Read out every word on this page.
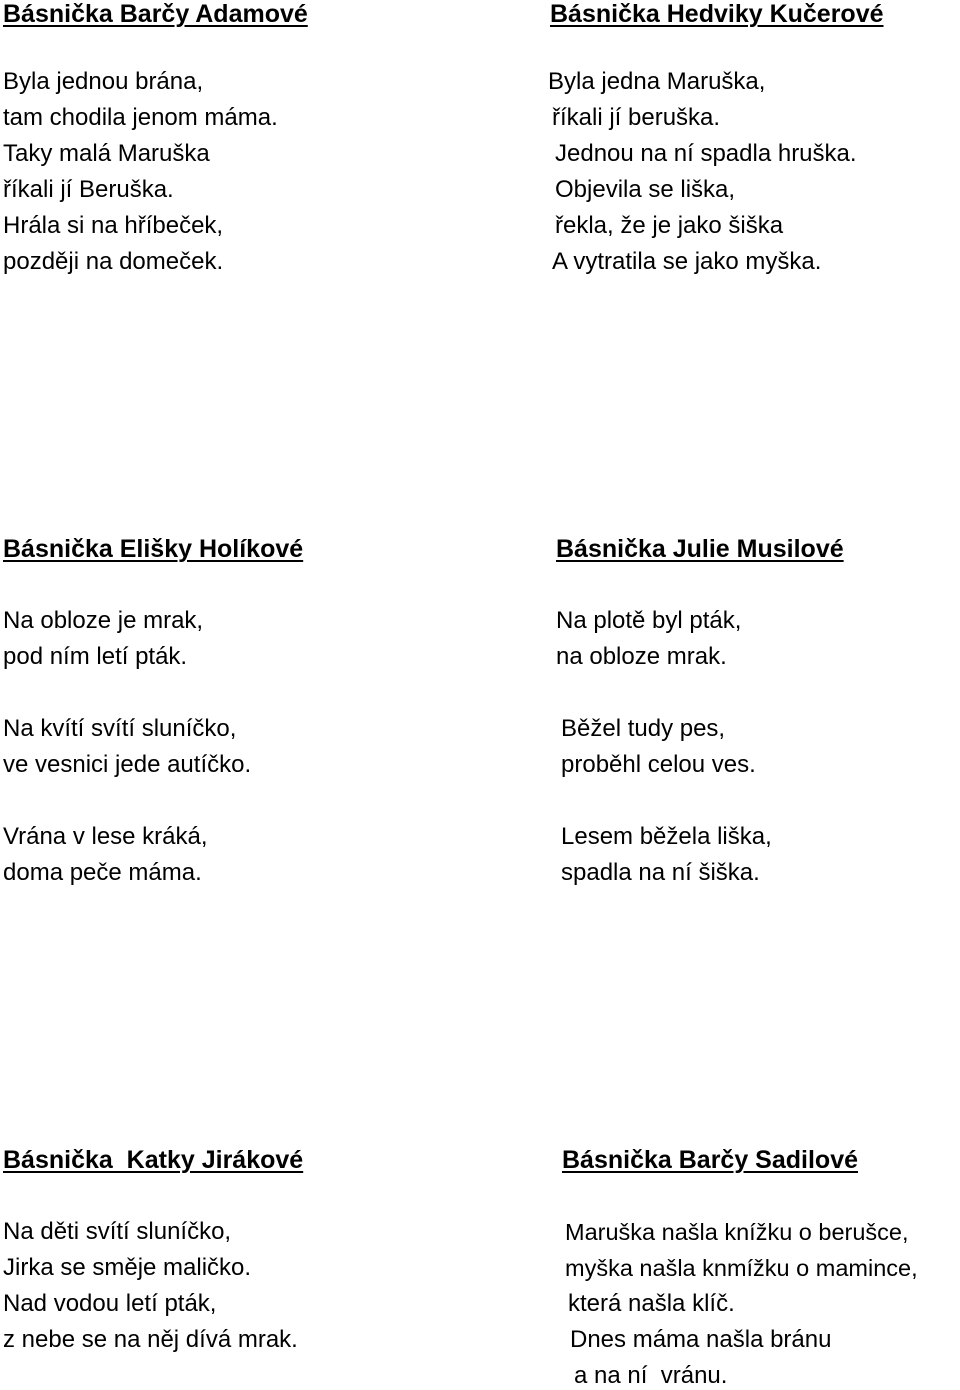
Básnička Barčy Adamové
Byla jednou brána,
tam chodila jenom máma.
Taky malá Maruška
říkali jí Beruška.
Hrála si na hříbeček,
později na domeček.
Básnička Hedviky Kučerové
Byla jedna Maruška,
říkali jí beruška.
Jednou na ní spadla hruška.
Objevila se liška,
řekla, že je jako šiška
A vytratila se jako myška.
Básnička Elišky Holíkové
Na obloze je mrak,
pod ním letí pták.
Na kvítí svítí sluníčko,
ve vesnici jede autíčko.
Vrána v lese kráká,
doma peče máma.
Básnička Julie Musilové
Na plotě byl pták,
na obloze mrak.
Běžel tudy pes,
proběhl celou ves.
Lesem běžela liška,
spadla na ní šiška.
Básnička  Katky Jirákové
Na děti svítí sluníčko,
Jirka se směje maličko.
Nad vodou letí pták,
z nebe se na něj dívá mrak.
Básnička Barčy Sadilové
Maruška našla knížku o berušce,
myška našla knmížku o mamince,
která našla klíč.
Dnes máma našla bránu
a na ní  vránu.
